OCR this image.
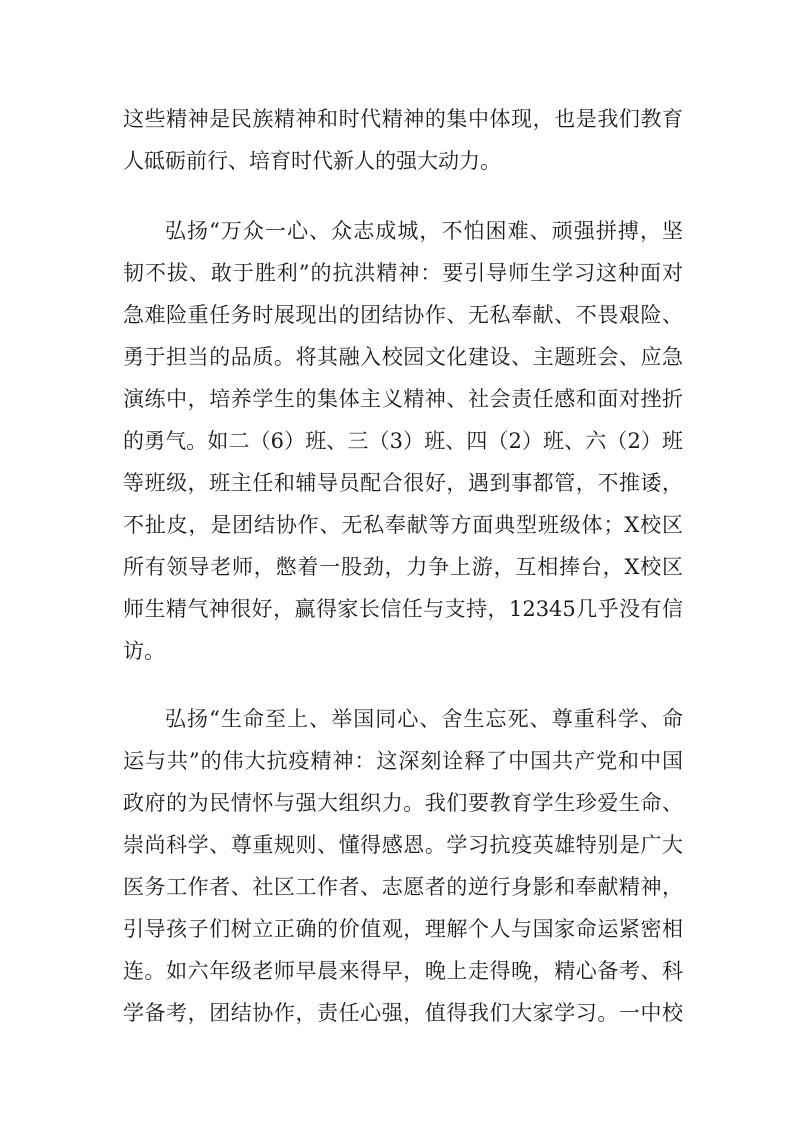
这些精神是民族精神和时代精神的集中体现，也是我们教育
人砥砺前行、培育时代新人的强大动力。
弘扬“万众一心、众志成城，不怕困难、顽强拼搏，坚
韧不拔、敢于胜利”的抗洪精神：要引导师生学习这种面对
急难险重任务时展现出的团结协作、无私奉献、不畏艰险、
勇于担当的品质。将其融入校园文化建设、主题班会、应急
演练中，培养学生的集体主义精神、社会责任感和面对挫折
的勇气。如二（6）班、三（3）班、四（2）班、六（2）班
等班级，班主任和辅导员配合很好，遇到事都管，不推诿，
不扯皮，是团结协作、无私奉献等方面典型班级体；X校区
所有领导老师，憋着一股劲，力争上游，互相捧台，X校区
师生精气神很好，赢得家长信任与支持，12345几乎没有信
访。
弘扬“生命至上、举国同心、舍生忘死、尊重科学、命
运与共”的伟大抗疫精神：这深刻诠释了中国共产党和中国
政府的为民情怀与强大组织力。我们要教育学生珍爱生命、
崇尚科学、尊重规则、懂得感恩。学习抗疫英雄特别是广大
医务工作者、社区工作者、志愿者的逆行身影和奉献精神，
引导孩子们树立正确的价值观，理解个人与国家命运紧密相
连。如六年级老师早晨来得早，晚上走得晚，精心备考、科
学备考，团结协作，责任心强，值得我们大家学习。一中校
